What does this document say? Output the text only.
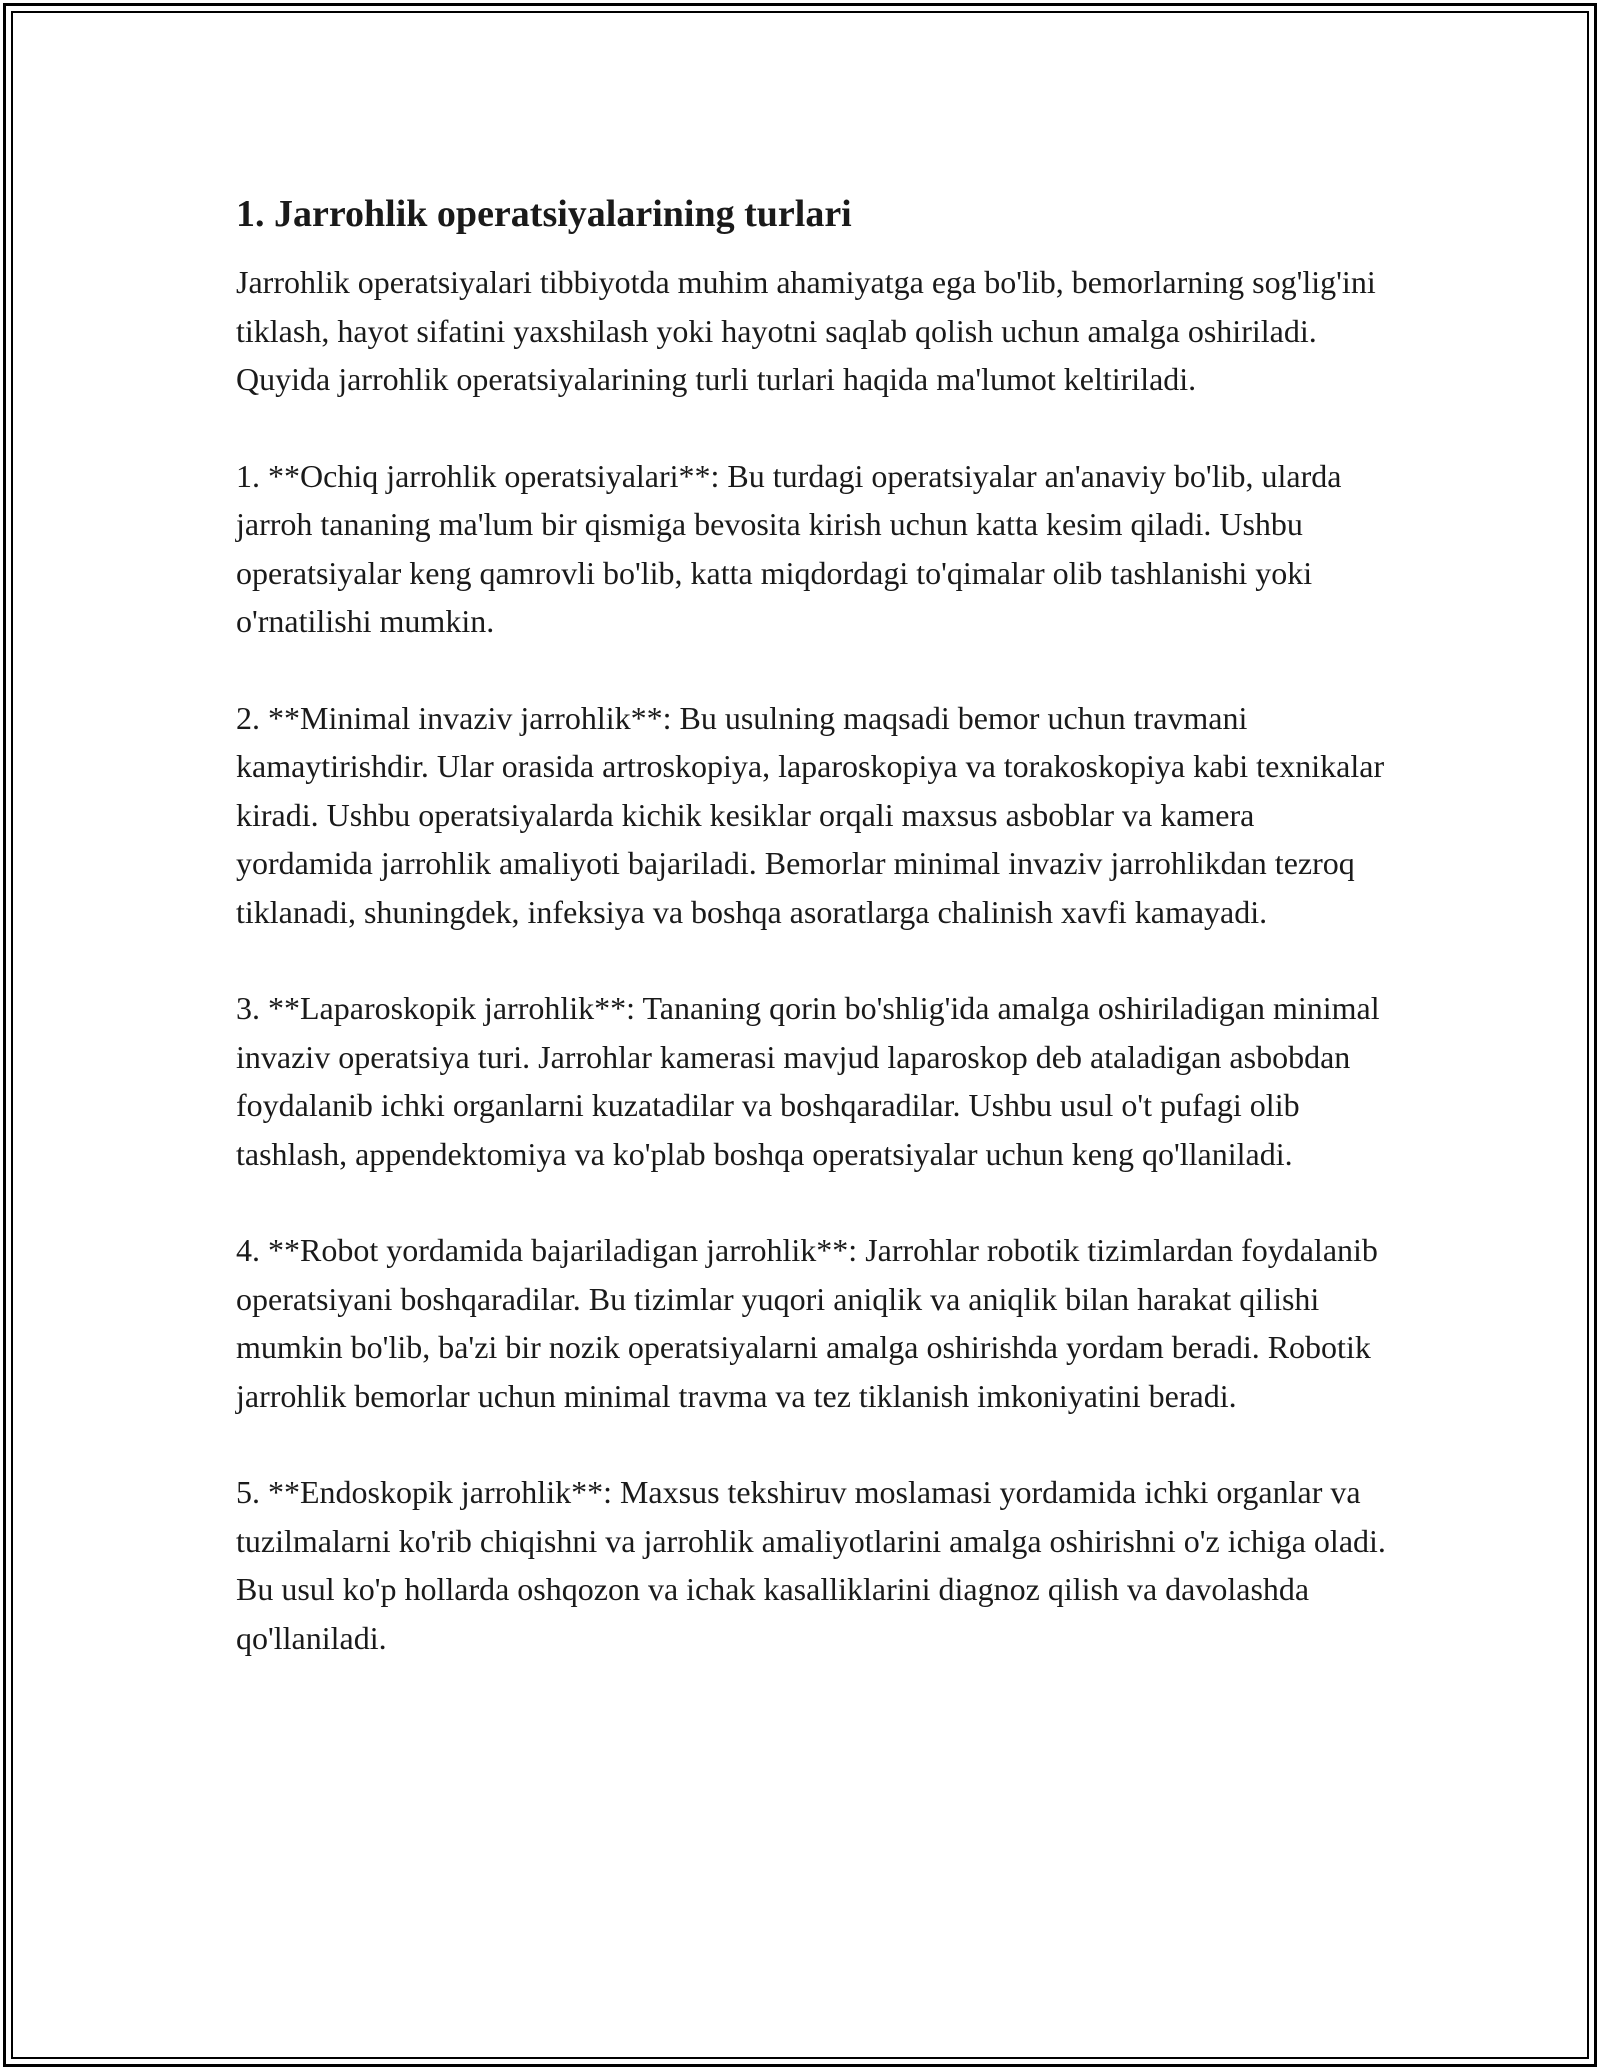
1. Jarrohlik operatsiyalarining turlari

Jarrohlik operatsiyalari tibbiyotda muhim ahamiyatga ega bo'lib, bemorlarning sog'lig'ini tiklash, hayot sifatini yaxshilash yoki hayotni saqlab qolish uchun amalga oshiriladi. Quyida jarrohlik operatsiyalarining turli turlari haqida ma'lumot keltiriladi.

1. **Ochiq jarrohlik operatsiyalari**: Bu turdagi operatsiyalar an'anaviy bo'lib, ularda jarroh tananing ma'lum bir qismiga bevosita kirish uchun katta kesim qiladi. Ushbu operatsiyalar keng qamrovli bo'lib, katta miqdordagi to'qimalar olib tashlanishi yoki o'rnatilishi mumkin.

2. **Minimal invaziv jarrohlik**: Bu usulning maqsadi bemor uchun travmani kamaytirishdir. Ular orasida artroskopiya, laparoskopiya va torakoskopiya kabi texnikalar kiradi. Ushbu operatsiyalarda kichik kesiklar orqali maxsus asboblar va kamera yordamida jarrohlik amaliyoti bajariladi. Bemorlar minimal invaziv jarrohlikdan tezroq tiklanadi, shuningdek, infeksiya va boshqa asoratlarga chalinish xavfi kamayadi.

3. **Laparoskopik jarrohlik**: Tananing qorin bo'shlig'ida amalga oshiriladigan minimal invaziv operatsiya turi. Jarrohlar kamerasi mavjud laparoskop deb ataladigan asbobdan foydalanib ichki organlarni kuzatadilar va boshqaradilar. Ushbu usul o't pufagi olib tashlash, appendektomiya va ko'plab boshqa operatsiyalar uchun keng qo'llaniladi.

4. **Robot yordamida bajariladigan jarrohlik**: Jarrohlar robotik tizimlardan foydalanib operatsiyani boshqaradilar. Bu tizimlar yuqori aniqlik va aniqlik bilan harakat qilishi mumkin bo'lib, ba'zi bir nozik operatsiyalarni amalga oshirishda yordam beradi. Robotik jarrohlik bemorlar uchun minimal travma va tez tiklanish imkoniyatini beradi.

5. **Endoskopik jarrohlik**: Maxsus tekshiruv moslamasi yordamida ichki organlar va tuzilmalarni ko'rib chiqishni va jarrohlik amaliyotlarini amalga oshirishni o'z ichiga oladi. Bu usul ko'p hollarda oshqozon va ichak kasalliklarini diagnoz qilish va davolashda qo'llaniladi.
